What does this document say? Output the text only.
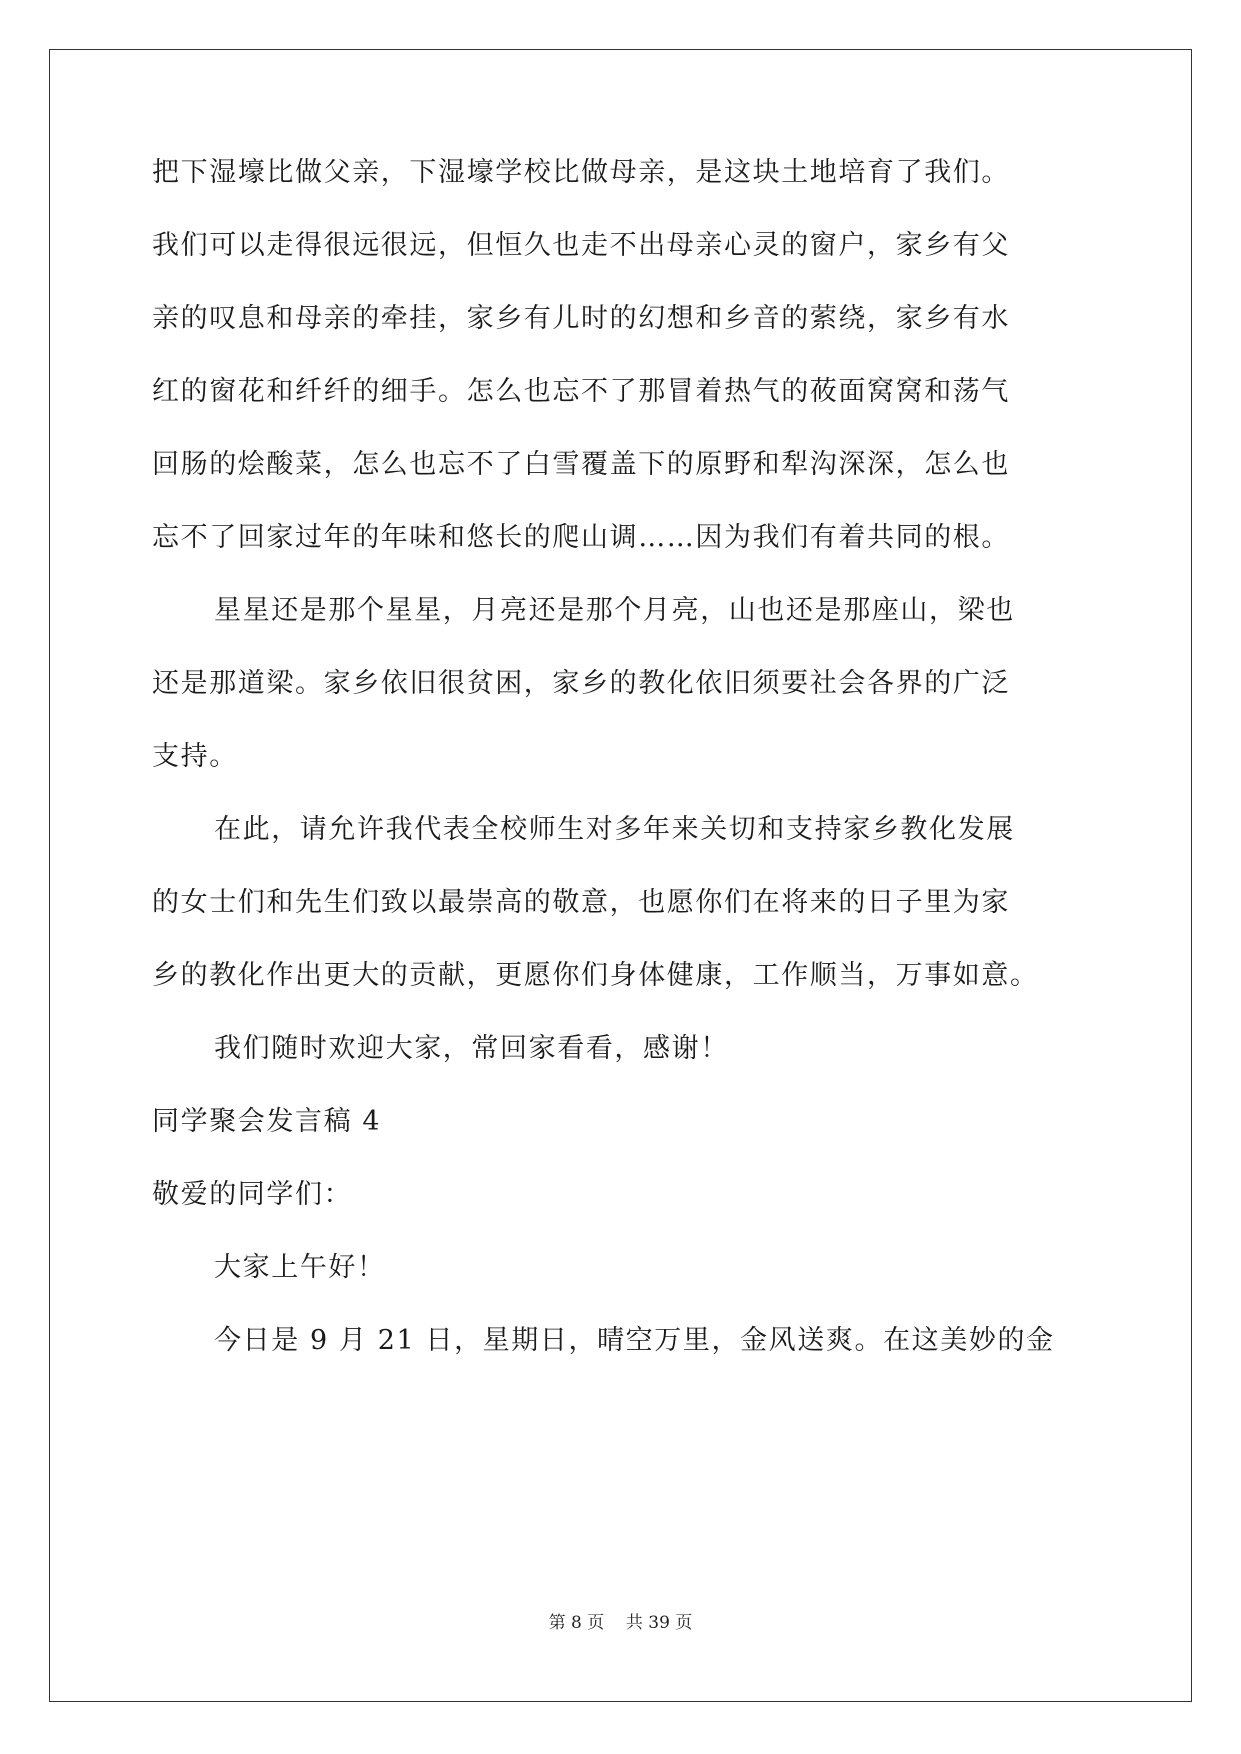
把下湿壕比做父亲，下湿壕学校比做母亲，是这块土地培育了我们。
我们可以走得很远很远，但恒久也走不出母亲心灵的窗户，家乡有父
亲的叹息和母亲的牵挂，家乡有儿时的幻想和乡音的萦绕，家乡有水
红的窗花和纤纤的细手。怎么也忘不了那冒着热气的莜面窝窝和荡气
回肠的烩酸菜，怎么也忘不了白雪覆盖下的原野和犁沟深深，怎么也
忘不了回家过年的年味和悠长的爬山调……因为我们有着共同的根。
星星还是那个星星，月亮还是那个月亮，山也还是那座山，梁也
还是那道梁。家乡依旧很贫困，家乡的教化依旧须要社会各界的广泛
支持。
在此，请允许我代表全校师生对多年来关切和支持家乡教化发展
的女士们和先生们致以最崇高的敬意，也愿你们在将来的日子里为家
乡的教化作出更大的贡献，更愿你们身体健康，工作顺当，万事如意。
我们随时欢迎大家，常回家看看，感谢！
同学聚会发言稿 4
敬爱的同学们：
大家上午好！
今日是 9 月 21 日，星期日，晴空万里，金风送爽。在这美妙的金
第 8 页    共 39 页
